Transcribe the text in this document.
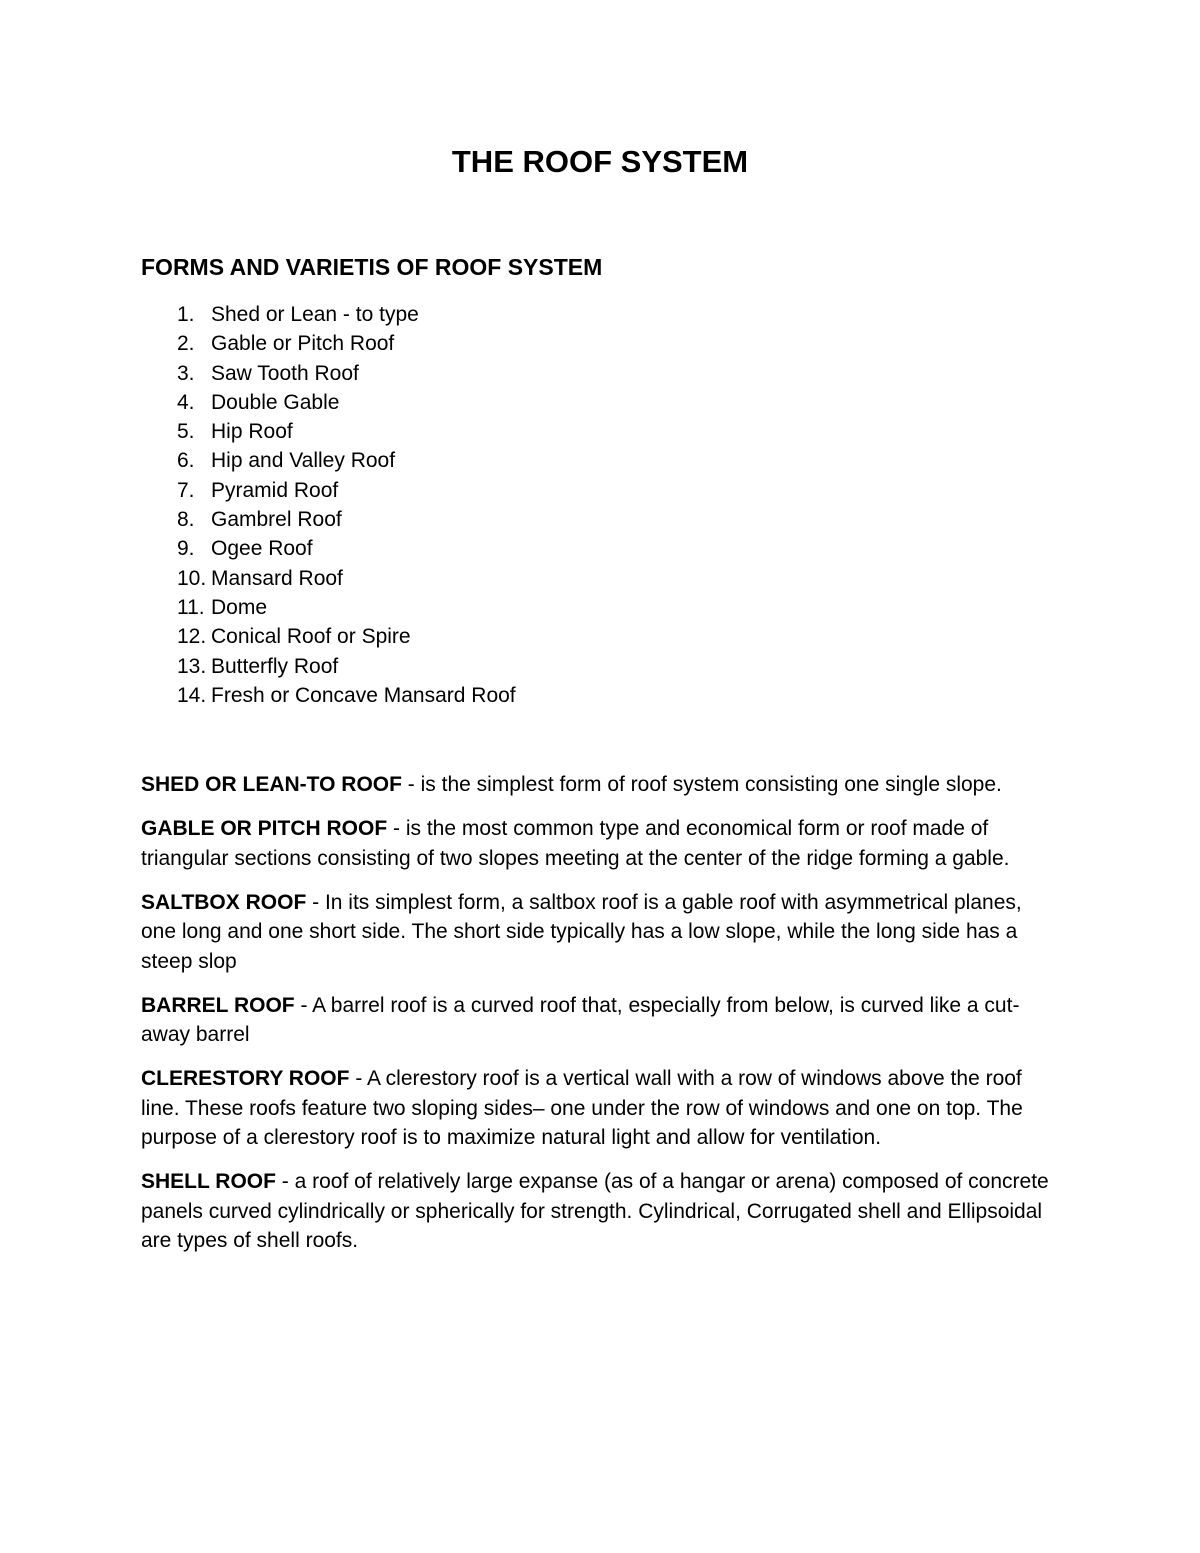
THE ROOF SYSTEM
FORMS AND VARIETIS OF ROOF SYSTEM
1. Shed or Lean - to type
2. Gable or Pitch Roof
3. Saw Tooth Roof
4. Double Gable
5. Hip Roof
6. Hip and Valley Roof
7. Pyramid Roof
8. Gambrel Roof
9. Ogee Roof
10. Mansard Roof
11. Dome
12. Conical Roof or Spire
13. Butterfly Roof
14. Fresh or Concave Mansard Roof

SHED OR LEAN-TO ROOF - is the simplest form of roof system consisting one single slope.

GABLE OR PITCH ROOF - is the most common type and economical form or roof made of triangular sections consisting of two slopes meeting at the center of the ridge forming a gable.

SALTBOX ROOF - In its simplest form, a saltbox roof is a gable roof with asymmetrical planes, one long and one short side. The short side typically has a low slope, while the long side has a steep slop

BARREL ROOF - A barrel roof is a curved roof that, especially from below, is curved like a cut-away barrel

CLERESTORY ROOF - A clerestory roof is a vertical wall with a row of windows above the roof line. These roofs feature two sloping sides– one under the row of windows and one on top. The purpose of a clerestory roof is to maximize natural light and allow for ventilation.

SHELL ROOF - a roof of relatively large expanse (as of a hangar or arena) composed of concrete panels curved cylindrically or spherically for strength. Cylindrical, Corrugated shell and Ellipsoidal are types of shell roofs.
